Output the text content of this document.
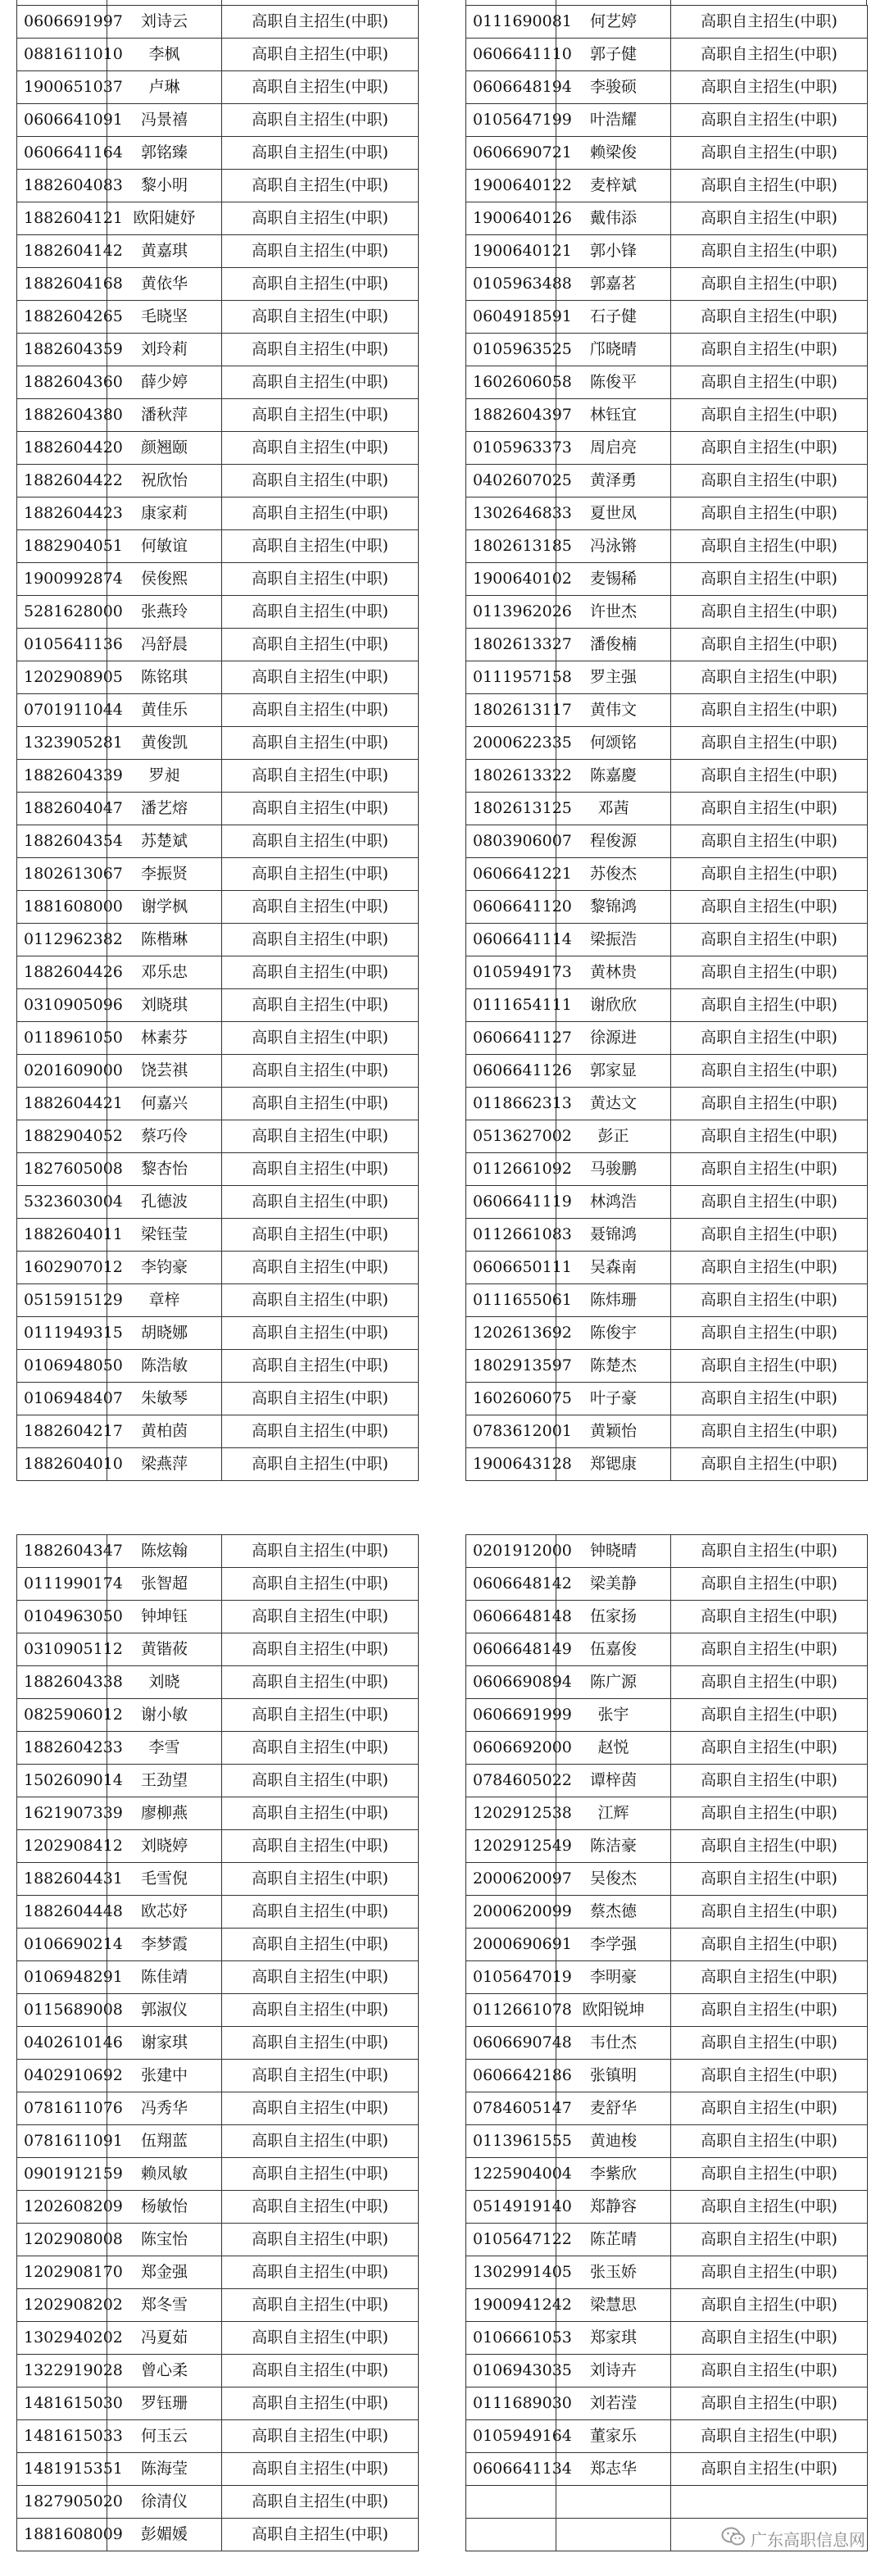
0606691997	刘诗云	高职自主招生(中职)		0111690081	何艺婷	高职自主招生(中职)
0881611010	李枫	高职自主招生(中职)		0606641110	郭子健	高职自主招生(中职)
1900651037	卢琳	高职自主招生(中职)		0606648194	李骏硕	高职自主招生(中职)
0606641091	冯景禧	高职自主招生(中职)		0105647199	叶浩耀	高职自主招生(中职)
0606641164	郭铭臻	高职自主招生(中职)		0606690721	赖梁俊	高职自主招生(中职)
1882604083	黎小明	高职自主招生(中职)		1900640122	麦梓斌	高职自主招生(中职)
1882604121	欧阳婕妤	高职自主招生(中职)		1900640126	戴伟添	高职自主招生(中职)
1882604142	黄嘉琪	高职自主招生(中职)		1900640121	郭小锋	高职自主招生(中职)
1882604168	黄依华	高职自主招生(中职)		0105963488	郭嘉茗	高职自主招生(中职)
1882604265	毛晓坚	高职自主招生(中职)		0604918591	石子健	高职自主招生(中职)
1882604359	刘玲莉	高职自主招生(中职)		0105963525	邝晓晴	高职自主招生(中职)
1882604360	薛少婷	高职自主招生(中职)		1602606058	陈俊平	高职自主招生(中职)
1882604380	潘秋萍	高职自主招生(中职)		1882604397	林钰宜	高职自主招生(中职)
1882604420	颜翘颐	高职自主招生(中职)		0105963373	周启亮	高职自主招生(中职)
1882604422	祝欣怡	高职自主招生(中职)		0402607025	黄泽勇	高职自主招生(中职)
1882604423	康家莉	高职自主招生(中职)		1302646833	夏世凤	高职自主招生(中职)
1882904051	何敏谊	高职自主招生(中职)		1802613185	冯泳锵	高职自主招生(中职)
1900992874	侯俊熙	高职自主招生(中职)		1900640102	麦锡稀	高职自主招生(中职)
5281628000	张燕玲	高职自主招生(中职)		0113962026	许世杰	高职自主招生(中职)
0105641136	冯舒晨	高职自主招生(中职)		1802613327	潘俊楠	高职自主招生(中职)
1202908905	陈铭琪	高职自主招生(中职)		0111957158	罗主强	高职自主招生(中职)
0701911044	黄佳乐	高职自主招生(中职)		1802613117	黄伟文	高职自主招生(中职)
1323905281	黄俊凯	高职自主招生(中职)		2000622335	何颂铭	高职自主招生(中职)
1882604339	罗昶	高职自主招生(中职)		1802613322	陈嘉慶	高职自主招生(中职)
1882604047	潘艺熔	高职自主招生(中职)		1802613125	邓茜	高职自主招生(中职)
1882604354	苏楚斌	高职自主招生(中职)		0803906007	程俊源	高职自主招生(中职)
1802613067	李振贤	高职自主招生(中职)		0606641221	苏俊杰	高职自主招生(中职)
1881608000	谢学枫	高职自主招生(中职)		0606641120	黎锦鸿	高职自主招生(中职)
0112962382	陈楷琳	高职自主招生(中职)		0606641114	梁振浩	高职自主招生(中职)
1882604426	邓乐忠	高职自主招生(中职)		0105949173	黄林贵	高职自主招生(中职)
0310905096	刘晓琪	高职自主招生(中职)		0111654111	谢欣欣	高职自主招生(中职)
0118961050	林素芬	高职自主招生(中职)		0606641127	徐源进	高职自主招生(中职)
0201609000	饶芸祺	高职自主招生(中职)		0606641126	郭家显	高职自主招生(中职)
1882604421	何嘉兴	高职自主招生(中职)		0118662313	黄达文	高职自主招生(中职)
1882904052	蔡巧伶	高职自主招生(中职)		0513627002	彭正	高职自主招生(中职)
1827605008	黎杏怡	高职自主招生(中职)		0112661092	马骏鹏	高职自主招生(中职)
5323603004	孔德波	高职自主招生(中职)		0606641119	林鸿浩	高职自主招生(中职)
1882604011	梁钰莹	高职自主招生(中职)		0112661083	聂锦鸿	高职自主招生(中职)
1602907012	李钧豪	高职自主招生(中职)		0606650111	吴森南	高职自主招生(中职)
0515915129	章梓	高职自主招生(中职)		0111655061	陈炜珊	高职自主招生(中职)
0111949315	胡晓娜	高职自主招生(中职)		1202613692	陈俊宇	高职自主招生(中职)
0106948050	陈浩敏	高职自主招生(中职)		1802913597	陈楚杰	高职自主招生(中职)
0106948407	朱敏琴	高职自主招生(中职)		1602606075	叶子豪	高职自主招生(中职)
1882604217	黄柏茵	高职自主招生(中职)		0783612001	黄颖怡	高职自主招生(中职)
1882604010	梁燕萍	高职自主招生(中职)		1900643128	郑锶康	高职自主招生(中职)
1882604347	陈炫翰	高职自主招生(中职)		0201912000	钟晓晴	高职自主招生(中职)
0111990174	张智超	高职自主招生(中职)		0606648142	梁美静	高职自主招生(中职)
0104963050	钟坤钰	高职自主招生(中职)		0606648148	伍家扬	高职自主招生(中职)
0310905112	黄锴莜	高职自主招生(中职)		0606648149	伍嘉俊	高职自主招生(中职)
1882604338	刘晓	高职自主招生(中职)		0606690894	陈广源	高职自主招生(中职)
0825906012	谢小敏	高职自主招生(中职)		0606691999	张宇	高职自主招生(中职)
1882604233	李雪	高职自主招生(中职)		0606692000	赵悦	高职自主招生(中职)
1502609014	王劲望	高职自主招生(中职)		0784605022	谭梓茵	高职自主招生(中职)
1621907339	廖柳燕	高职自主招生(中职)		1202912538	江辉	高职自主招生(中职)
1202908412	刘晓婷	高职自主招生(中职)		1202912549	陈洁豪	高职自主招生(中职)
1882604431	毛雪倪	高职自主招生(中职)		2000620097	吴俊杰	高职自主招生(中职)
1882604448	欧芯妤	高职自主招生(中职)		2000620099	蔡杰德	高职自主招生(中职)
0106690214	李梦霞	高职自主招生(中职)		2000690691	李学强	高职自主招生(中职)
0106948291	陈佳靖	高职自主招生(中职)		0105647019	李明豪	高职自主招生(中职)
0115689008	郭淑仪	高职自主招生(中职)		0112661078	欧阳锐坤	高职自主招生(中职)
0402610146	谢家琪	高职自主招生(中职)		0606690748	韦仕杰	高职自主招生(中职)
0402910692	张建中	高职自主招生(中职)		0606642186	张镇明	高职自主招生(中职)
0781611076	冯秀华	高职自主招生(中职)		0784605147	麦舒华	高职自主招生(中职)
0781611091	伍翔蓝	高职自主招生(中职)		0113961555	黄迪梭	高职自主招生(中职)
0901912159	赖凤敏	高职自主招生(中职)		1225904004	李紫欣	高职自主招生(中职)
1202608209	杨敏怡	高职自主招生(中职)		0514919140	郑静容	高职自主招生(中职)
1202908008	陈宝怡	高职自主招生(中职)		0105647122	陈芷晴	高职自主招生(中职)
1202908170	郑金强	高职自主招生(中职)		1302991405	张玉娇	高职自主招生(中职)
1202908202	郑冬雪	高职自主招生(中职)		1900941242	梁慧思	高职自主招生(中职)
1302940202	冯夏茹	高职自主招生(中职)		0106661053	郑家琪	高职自主招生(中职)
1322919028	曾心柔	高职自主招生(中职)		0106943035	刘诗卉	高职自主招生(中职)
1481615030	罗钰珊	高职自主招生(中职)		0111689030	刘若滢	高职自主招生(中职)
1481615033	何玉云	高职自主招生(中职)		0105949164	董家乐	高职自主招生(中职)
1481915351	陈海莹	高职自主招生(中职)		0606641134	郑志华	高职自主招生(中职)
1827905020	徐清仪	高职自主招生(中职)				
1881608009	彭媚媛	高职自主招生(中职)					广东高职信息网
